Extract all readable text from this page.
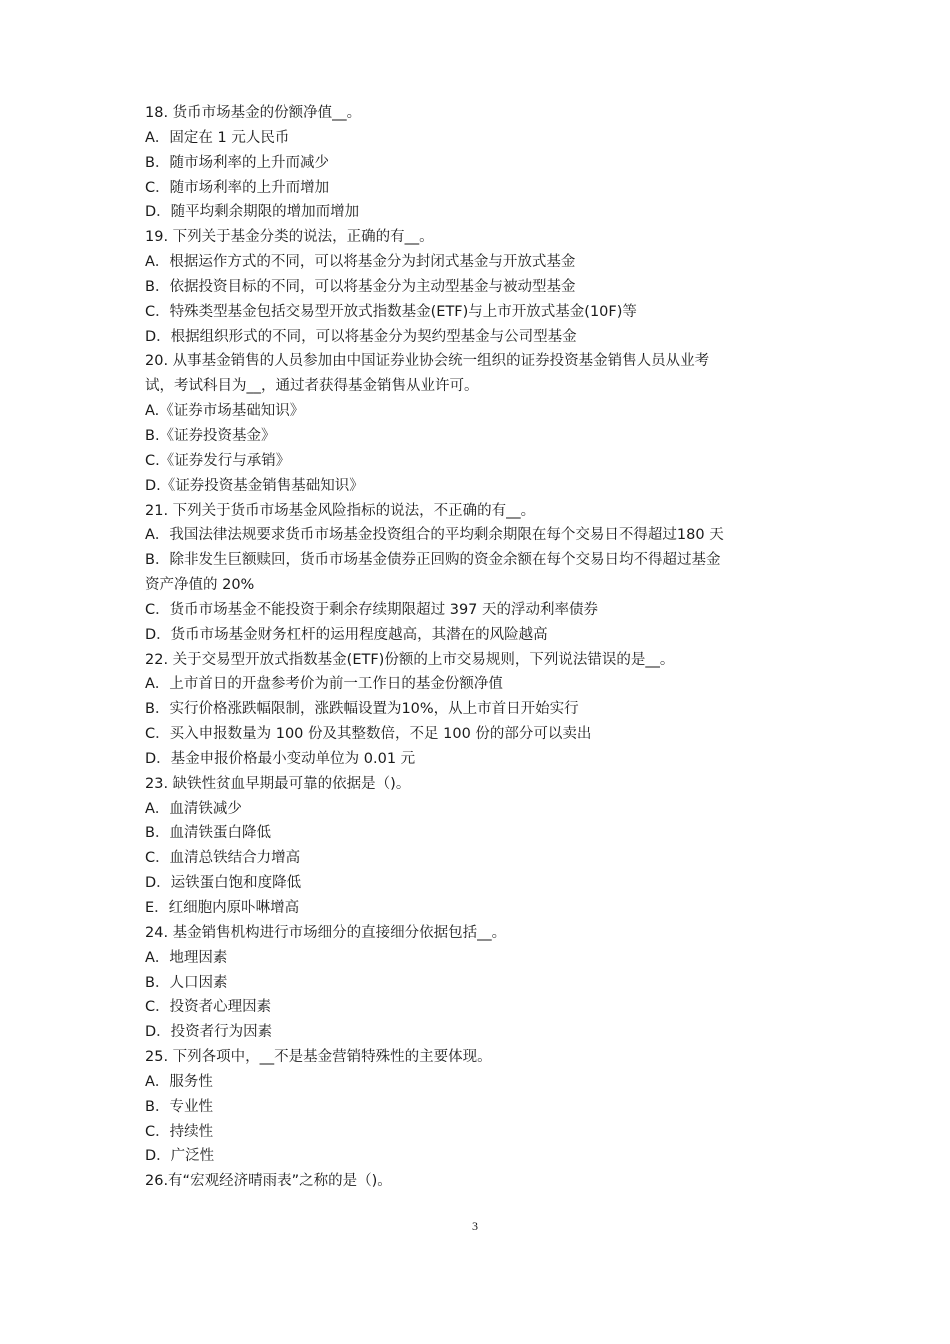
18. 货币市场基金的份额净值__。
A．固定在 1 元人民币
B．随市场利率的上升而减少
C．随市场利率的上升而增加
D．随平均剩余期限的增加而增加
19. 下列关于基金分类的说法，正确的有__。
A．根据运作方式的不同，可以将基金分为封闭式基金与开放式基金
B．依据投资目标的不同，可以将基金分为主动型基金与被动型基金
C．特殊类型基金包括交易型开放式指数基金(ETF)与上市开放式基金(10F)等
D．根据组织形式的不同，可以将基金分为契约型基金与公司型基金
20. 从事基金销售的人员参加由中国证券业协会统一组织的证券投资基金销售人员从业考
试，考试科目为__，通过者获得基金销售从业许可。
A.《证券市场基础知识》
B.《证券投资基金》
C.《证券发行与承销》
D.《证券投资基金销售基础知识》
21. 下列关于货币市场基金风险指标的说法，不正确的有__。
A．我国法律法规要求货币市场基金投资组合的平均剩余期限在每个交易日不得超过180 天
B．除非发生巨额赎回，货币市场基金债券正回购的资金余额在每个交易日均不得超过基金
资产净值的 20%
C．货币市场基金不能投资于剩余存续期限超过 397 天的浮动利率债券
D．货币市场基金财务杠杆的运用程度越高，其潜在的风险越高
22. 关于交易型开放式指数基金(ETF)份额的上市交易规则，下列说法错误的是__。
A．上市首日的开盘参考价为前一工作日的基金份额净值
B．实行价格涨跌幅限制，涨跌幅设置为10%，从上市首日开始实行
C．买入申报数量为 100 份及其整数倍，不足 100 份的部分可以卖出
D．基金申报价格最小变动单位为 0.01 元
23. 缺铁性贫血早期最可靠的依据是（)。
A．血清铁减少
B．血清铁蛋白降低
C．血清总铁结合力增高
D．运铁蛋白饱和度降低
E．红细胞内原卟啉增高
24. 基金销售机构进行市场细分的直接细分依据包括__。
A．地理因素
B．人口因素
C．投资者心理因素
D．投资者行为因素
25. 下列各项中，__不是基金营销特殊性的主要体现。
A．服务性
B．专业性
C．持续性
D．广泛性
26.有“宏观经济晴雨表”之称的是（)。
3
